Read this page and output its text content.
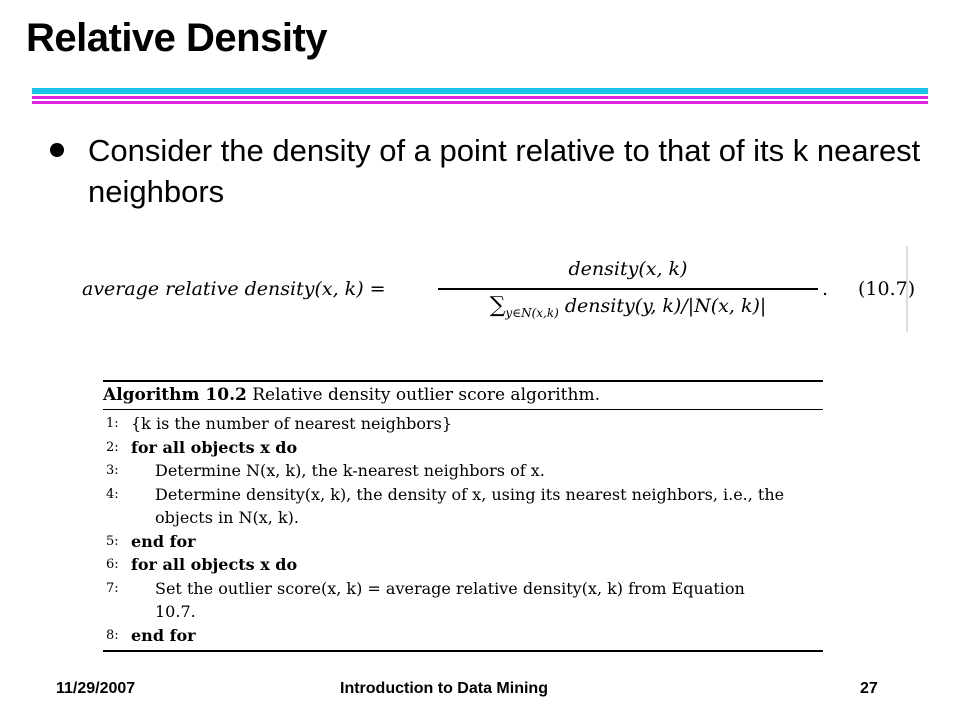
Relative Density
Consider the density of a point relative to that of its k nearest neighbors
average relative density(x, k) =
density(x, k)
$\sum_{y\in N(x,k)}$ density(y, k)/|N(x, k)|
. (10.7)
Algorithm 10.2 Relative density outlier score algorithm.
1: {k is the number of nearest neighbors}
2: for all objects x do
3: Determine N(x, k), the k-nearest neighbors of x.
4: Determine density(x, k), the density of x, using its nearest neighbors, i.e., the
objects in N(x, k).
5: end for
6: for all objects x do
7: Set the outlier score(x, k) = average relative density(x, k) from Equation
10.7.
8: end for
11/29/2007	Introduction to Data Mining	27
